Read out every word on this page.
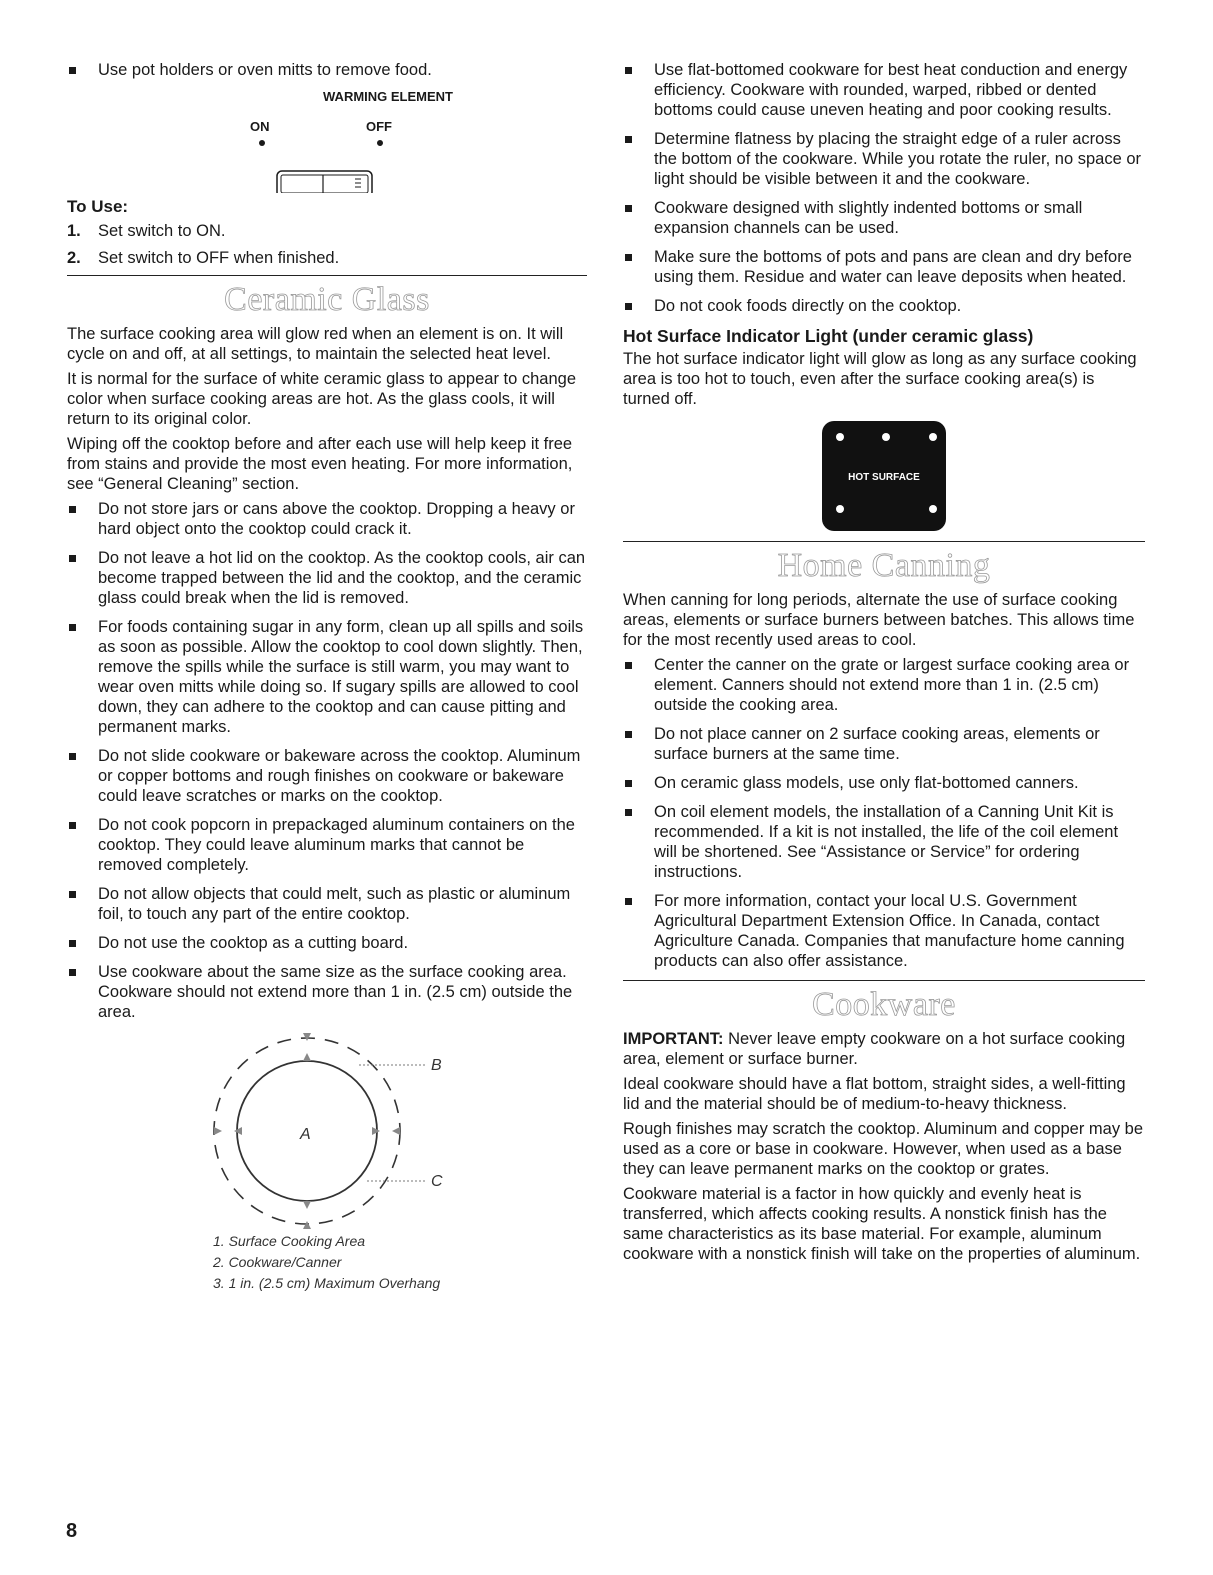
Use pot holders or oven mitts to remove food.
WARMING ELEMENT
ON	OFF
To Use:
1.	Set switch to ON.
2.	Set switch to OFF when finished.
Ceramic Glass

The surface cooking area will glow red when an element is on. It will cycle on and off, at all settings, to maintain the selected heat level.

It is normal for the surface of white ceramic glass to appear to change color when surface cooking areas are hot. As the glass cools, it will return to its original color.

Wiping off the cooktop before and after each use will help keep it free from stains and provide the most even heating. For more information, see “General Cleaning” section.

Do not store jars or cans above the cooktop. Dropping a heavy or hard object onto the cooktop could crack it.
Do not leave a hot lid on the cooktop. As the cooktop cools, air can become trapped between the lid and the cooktop, and the ceramic glass could break when the lid is removed.
For foods containing sugar in any form, clean up all spills and soils as soon as possible. Allow the cooktop to cool down slightly. Then, remove the spills while the surface is still warm, you may want to wear oven mitts while doing so. If sugary spills are allowed to cool down, they can adhere to the cooktop and can cause pitting and permanent marks.
Do not slide cookware or bakeware across the cooktop. Aluminum or copper bottoms and rough finishes on cookware or bakeware could leave scratches or marks on the cooktop.
Do not cook popcorn in prepackaged aluminum containers on the cooktop. They could leave aluminum marks that cannot be removed completely.
Do not allow objects that could melt, such as plastic or aluminum foil, to touch any part of the entire cooktop.
Do not use the cooktop as a cutting board.
Use cookware about the same size as the surface cooking area. Cookware should not extend more than 1 in. (2.5 cm) outside the area.
A
B
C
1. Surface Cooking Area
2. Cookware/Canner
3. 1 in. (2.5 cm) Maximum Overhang
Use flat-bottomed cookware for best heat conduction and energy efficiency. Cookware with rounded, warped, ribbed or dented bottoms could cause uneven heating and poor cooking results.
Determine flatness by placing the straight edge of a ruler across the bottom of the cookware. While you rotate the ruler, no space or light should be visible between it and the cookware.
Cookware designed with slightly indented bottoms or small expansion channels can be used.
Make sure the bottoms of pots and pans are clean and dry before using them. Residue and water can leave deposits when heated.
Do not cook foods directly on the cooktop.
Hot Surface Indicator Light (under ceramic glass)

The hot surface indicator light will glow as long as any surface cooking area is too hot to touch, even after the surface cooking area(s) is turned off.

HOT SURFACE
Home Canning

When canning for long periods, alternate the use of surface cooking areas, elements or surface burners between batches. This allows time for the most recently used areas to cool.

Center the canner on the grate or largest surface cooking area or element. Canners should not extend more than 1 in. (2.5 cm) outside the cooking area.
Do not place canner on 2 surface cooking areas, elements or surface burners at the same time.
On ceramic glass models, use only flat-bottomed canners.
On coil element models, the installation of a Canning Unit Kit is recommended. If a kit is not installed, the life of the coil element will be shortened. See “Assistance or Service” for ordering instructions.
For more information, contact your local U.S. Government Agricultural Department Extension Office. In Canada, contact Agriculture Canada. Companies that manufacture home canning products can also offer assistance.
Cookware

IMPORTANT: Never leave empty cookware on a hot surface cooking area, element or surface burner.

Ideal cookware should have a flat bottom, straight sides, a well-fitting lid and the material should be of medium-to-heavy thickness.

Rough finishes may scratch the cooktop. Aluminum and copper may be used as a core or base in cookware. However, when used as a base they can leave permanent marks on the cooktop or grates.

Cookware material is a factor in how quickly and evenly heat is transferred, which affects cooking results. A nonstick finish has the same characteristics as its base material. For example, aluminum cookware with a nonstick finish will take on the properties of aluminum.

8
